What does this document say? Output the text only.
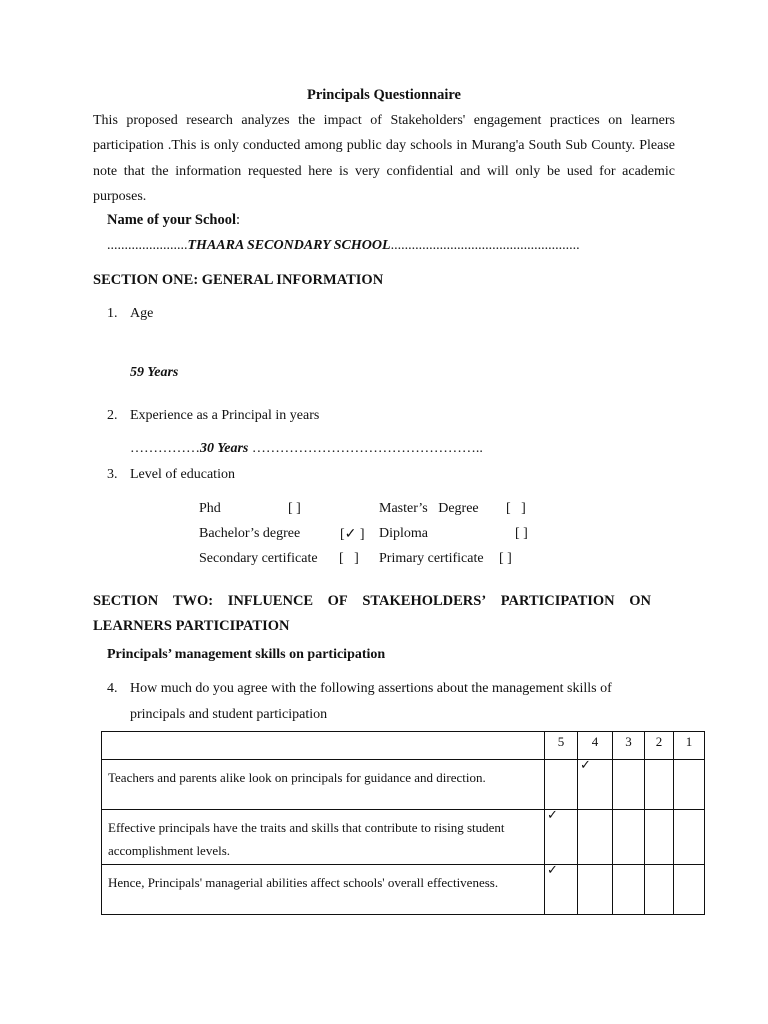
Principals Questionnaire

This proposed research analyzes the impact of Stakeholders' engagement practices on learners participation .This is only conducted among public day schools in Murang'a South Sub County. Please note that the information requested here is very confidential and will only be used for academic purposes.

Name of your School:
.......................THAARA SECONDARY SCHOOL......................................................
SECTION ONE: GENERAL INFORMATION
1. Age
59 Years
2. Experience as a Principal in years
……………30 Years …………………………………………..
3. Level of education
Phd	[ ]	Master’s   Degree [   ]
Bachelor’s degree	[✓ ] Diploma	[ ]
Secondary certificate [   ] Primary certificate [ ]
SECTION TWO: INFLUENCE OF STAKEHOLDERS’ PARTICIPATION ON
LEARNERS PARTICIPATION
Principals’ management skills on participation
4. How much do you agree with the following assertions about the management skills of
principals and student participation
	5	4	3	2	1
Teachers and parents alike look on principals for guidance and direction.		✓			

Effective principals have the traits and skills that contribute to rising student accomplishment levels.	✓				

Hence, Principals' managerial abilities affect schools' overall effectiveness.	✓				
